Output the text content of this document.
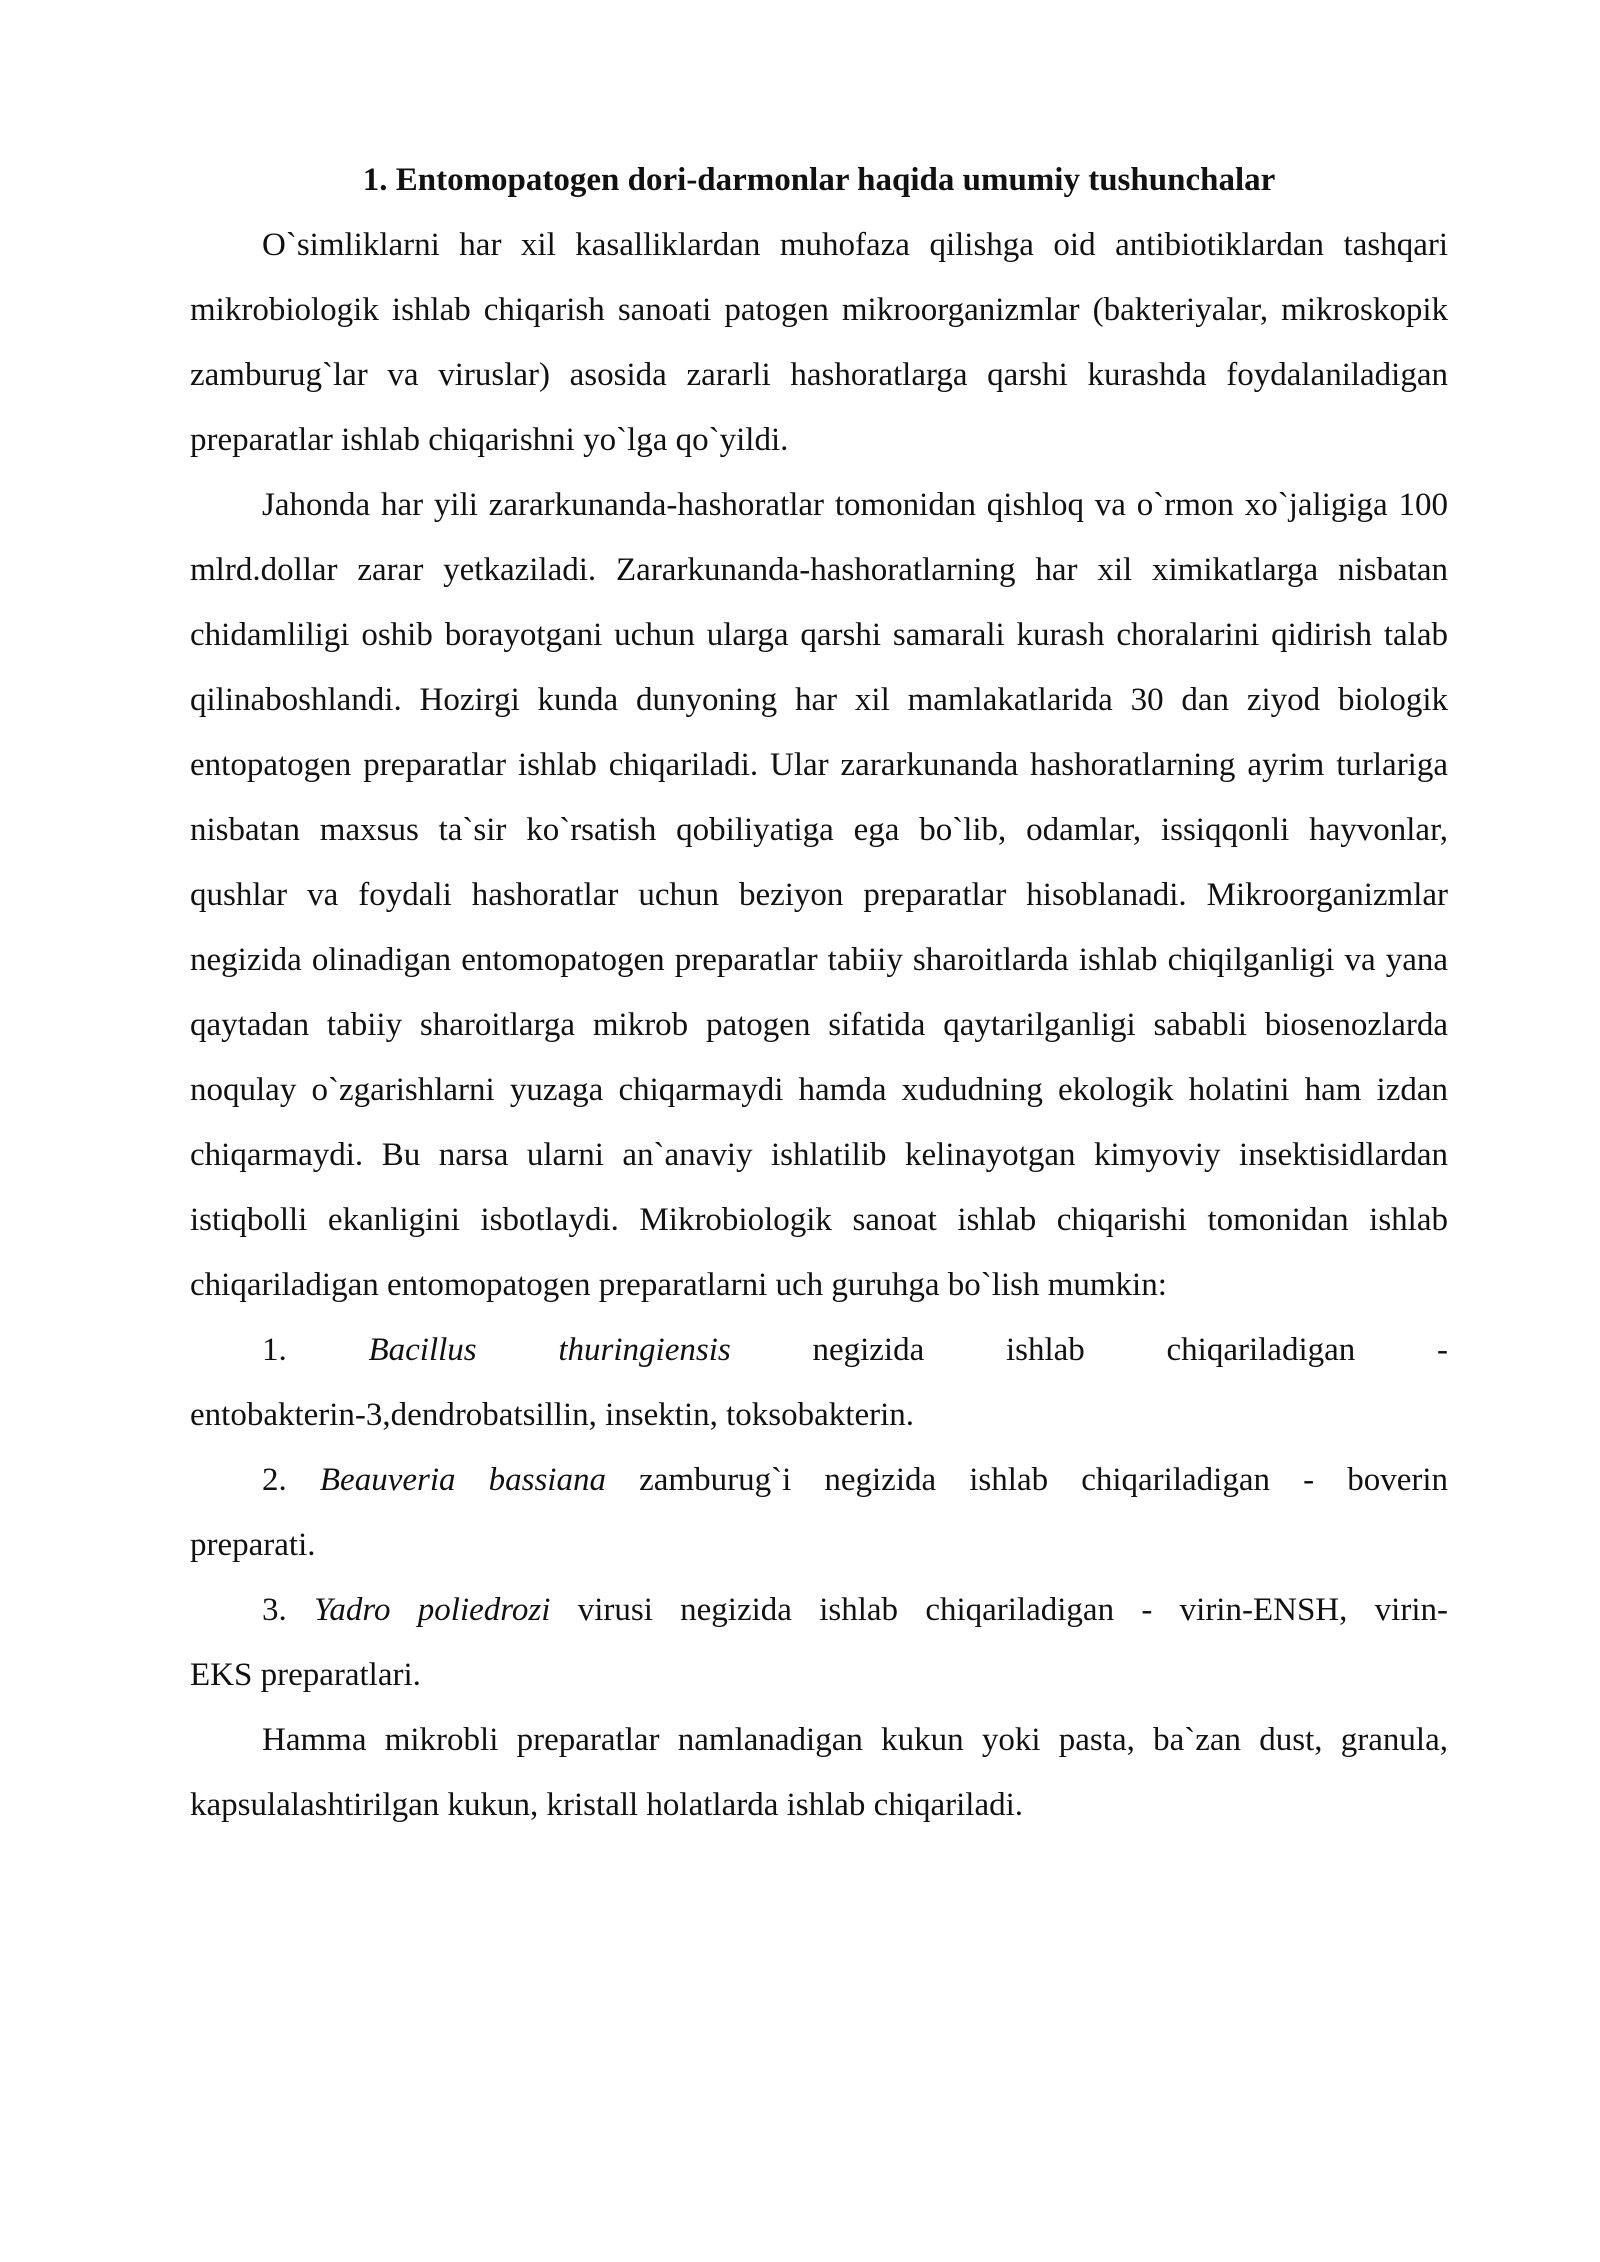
1. Entomopatogen dori-darmonlar haqida umumiy tushunchalar

O`simliklarni har xil kasalliklardan muhofaza qilishga oid antibiotiklardan tashqari mikrobiologik ishlab chiqarish sanoati patogen mikroorganizmlar (bakteriyalar, mikroskopik zamburug`lar va viruslar) asosida zararli hashoratlarga qarshi kurashda foydalaniladigan preparatlar ishlab chiqarishni yo`lga qo`yildi.

Jahonda har yili zararkunanda-hashoratlar tomonidan qishloq va o`rmon xo`jaligiga 100 mlrd.dollar zarar yetkaziladi. Zararkunanda-hashoratlarning har xil ximikatlarga nisbatan chidamliligi oshib borayotgani uchun ularga qarshi samarali kurash choralarini qidirish talab qilinaboshlandi. Hozirgi kunda dunyoning har xil mamlakatlarida 30 dan ziyod biologik entopatogen preparatlar ishlab chiqariladi. Ular zararkunanda hashoratlarning ayrim turlariga nisbatan maxsus ta`sir ko`rsatish qobiliyatiga ega bo`lib, odamlar, issiqqonli hayvonlar, qushlar va foydali hashoratlar uchun beziyon preparatlar hisoblanadi. Mikroorganizmlar negizida olinadigan entomopatogen preparatlar tabiiy sharoitlarda ishlab chiqilganligi va yana qaytadan tabiiy sharoitlarga mikrob patogen sifatida qaytarilganligi sababli biosenozlarda noqulay o`zgarishlarni yuzaga chiqarmaydi hamda xududning ekologik holatini ham izdan chiqarmaydi. Bu narsa ularni an`anaviy ishlatilib kelinayotgan kimyoviy insektisidlardan istiqbolli ekanligini isbotlaydi. Mikrobiologik sanoat ishlab chiqarishi tomonidan ishlab chiqariladigan entomopatogen preparatlarni uch guruhga bo`lish mumkin:

1. Bacillus thuringiensis negizida ishlab chiqariladigan -
entobakterin-3,dendrobatsillin, insektin, toksobakterin.

2. Beauveria bassiana zamburug`i negizida ishlab chiqariladigan - boverin
preparati.

3. Yadro poliedrozi virusi negizida ishlab chiqariladigan - virin-ENSH, virin-
EKS preparatlari.

Hamma mikrobli preparatlar namlanadigan kukun yoki pasta, ba`zan dust, granula, kapsulalashtirilgan kukun, kristall holatlarda ishlab chiqariladi.
